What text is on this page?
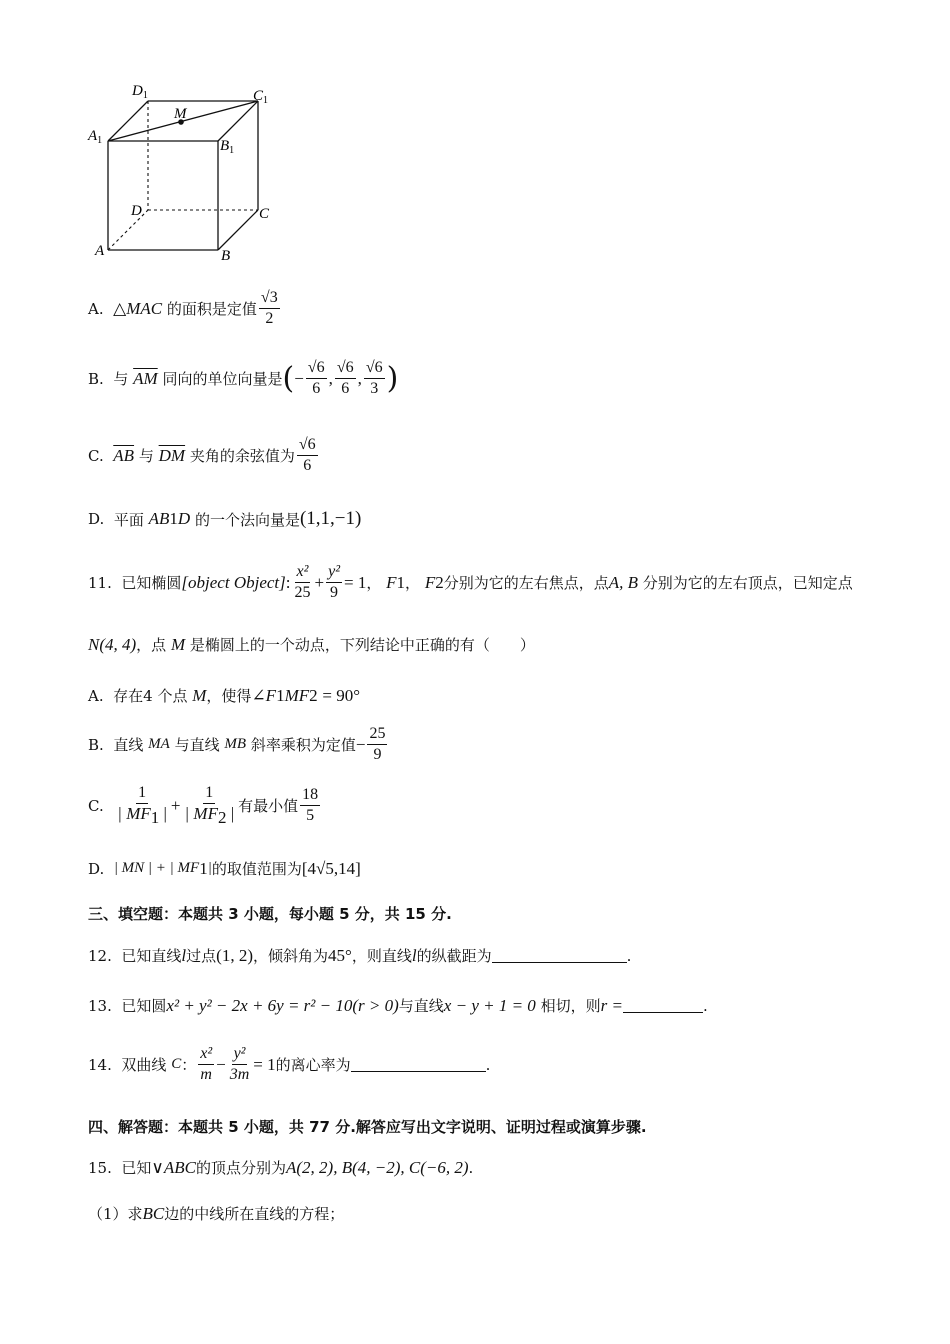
$D_1$	$C_1$
$A_1$	$B_1$
M
D	C
A	B
A.
△ MAC
的面积是定值 $\frac{√3}{2}$
B.
与
$\overline{AM}$
同向的单位向量是 ( − $\frac{√6}{6}$ , $\frac{√6}{6}$ , $\frac{√6}{3}$ )
C.
$\overline{AB}$
与
$\overline{DM}$
夹角的余弦值为 $\frac{√6}{6}$
D.
平面
AB 1 D
的一个法向量是 (1,1,−1)
11.
已知椭圆 [object Object] : $\frac{\text{x²}}{25} + \frac{\text{y²}}{9} = 1$ ，
F 1 ，
F 2 分别为它的左右焦点，点 A, B
分别为它的左右顶点，已知定点
N(4, 4) ，点
M
是椭圆上的一个动点，下列结论中正确的有（　　）
A.
存在4 个点
M ，使得 ∠F 1 MF 2
= 90°
B.
直线
MA
与直线
MB
斜率乘积为定值 − $\frac{25}{9}$
C.
$\frac{1}{| MF_1 |} + \frac{1}{| MF_2 |}$ 有最小值 $\frac{18}{5}$
D.
| MN | + | MF 1 | 的取值范围为 [4√5,14]
三、填空题：本题共 3 小题，每小题 5 分，共 15 分.
12.
已知直线 l 过点 (1, 2) ，倾斜角为 45° ，则直线 l 的纵截距为	.
13.
已知圆 x² + y² − 2x + 6y = r² − 10(r > 0) 与直线 x − y + 1 = 0
相切，则 r =	.
14.
双曲线
C ： $\frac{\text{x²}}{m} - \frac{\text{y²}}{3m} = 1$ 的离心率为	.
四、解答题：本题共 5 小题，共 77 分.解答应写出文字说明、证明过程或演算步骤.
15.
已知 ∨ABC 的顶点分别为 A(2, 2), B(4, −2), C(−6, 2) .
（1）求 BC 边的中线所在直线的方程；
